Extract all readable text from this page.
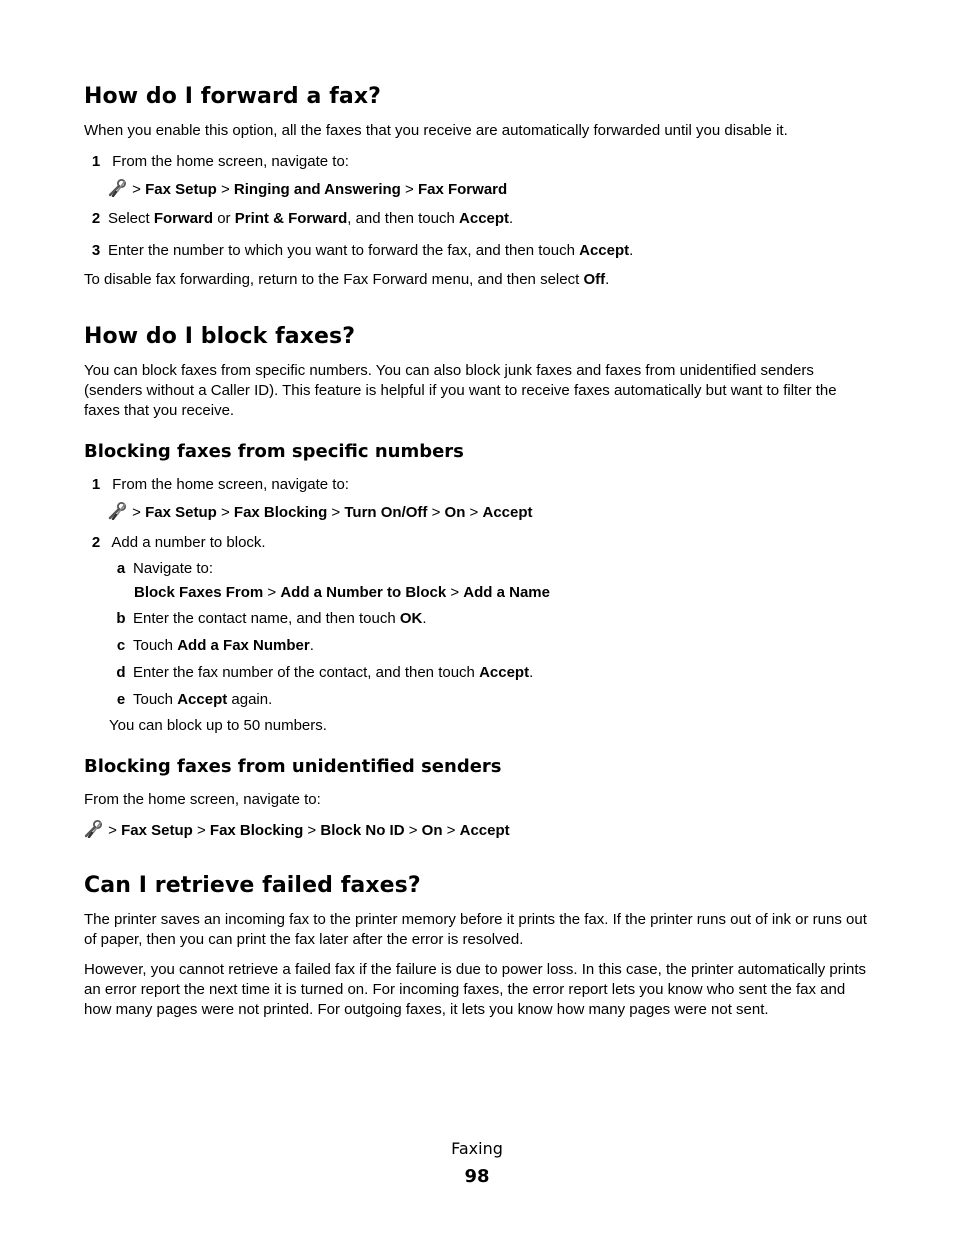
How do I forward a fax?

When you enable this option, all the faxes that you receive are automatically forwarded until you disable it.

1 From the home screen, navigate to:
> Fax Setup > Ringing and Answering > Fax Forward
2 Select Forward or Print & Forward, and then touch Accept.
3 Enter the number to which you want to forward the fax, and then touch Accept.

To disable fax forwarding, return to the Fax Forward menu, and then select Off.

How do I block faxes?

You can block faxes from specific numbers. You can also block junk faxes and faxes from unidentified senders (senders without a Caller ID). This feature is helpful if you want to receive faxes automatically but want to filter the faxes that you receive.

Blocking faxes from specific numbers
1 From the home screen, navigate to:
> Fax Setup > Fax Blocking > Turn On/Off > On > Accept
2 Add a number to block.
a Navigate to:
Block Faxes From > Add a Number to Block > Add a Name
b Enter the contact name, and then touch OK.
c Touch Add a Fax Number.
d Enter the fax number of the contact, and then touch Accept.
e Touch Accept again.
You can block up to 50 numbers.
Blocking faxes from unidentified senders

From the home screen, navigate to:

> Fax Setup > Fax Blocking > Block No ID > On > Accept
Can I retrieve failed faxes?

The printer saves an incoming fax to the printer memory before it prints the fax. If the printer runs out of ink or runs out of paper, then you can print the fax later after the error is resolved.

However, you cannot retrieve a failed fax if the failure is due to power loss. In this case, the printer automatically prints an error report the next time it is turned on. For incoming faxes, the error report lets you know who sent the fax and how many pages were not printed. For outgoing faxes, it lets you know how many pages were not sent.

Faxing
98
